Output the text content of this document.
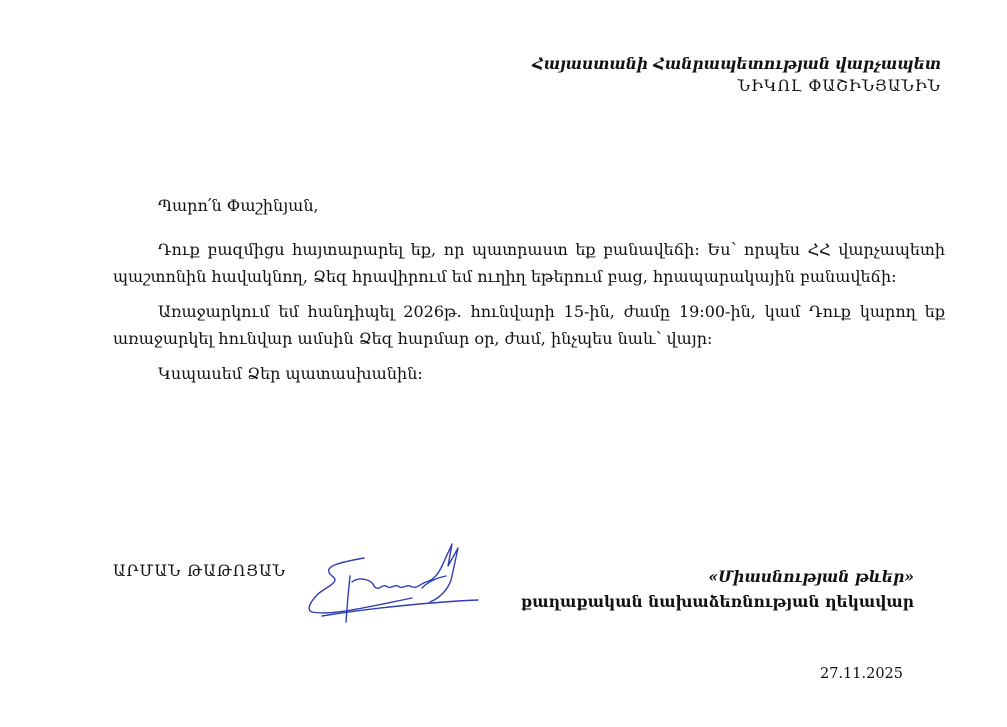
Հայաստանի Հանրապետության վարչապետ
ՆԻԿՈԼ ՓԱՇԻՆՅԱՆԻՆ
Պարո՛ն Փաշինյան,

Դուք բազմիցս հայտարարել եք, որ պատրաստ եք բանավեճի։ Ես՝ որպես ՀՀ վարչապետի պաշտոնին հավակնող, Ձեզ հրավիրում եմ ուղիղ եթերում բաց, հրապարակային բանավեճի։

Առաջարկում եմ հանդիպել 2026թ. հունվարի 15-ին, ժամը 19:00-ին, կամ Դուք կարող եք առաջարկել հունվար ամսին Ձեզ հարմար օր, ժամ, ինչպես նաև՝ վայր։

Կսպասեմ Ձեր պատասխանին։

ԱՐՄԱՆ ԹԱԹՈՅԱՆ	«Միասնության թևեր»
քաղաքական նախաձեռնության ղեկավար
27.11.2025
